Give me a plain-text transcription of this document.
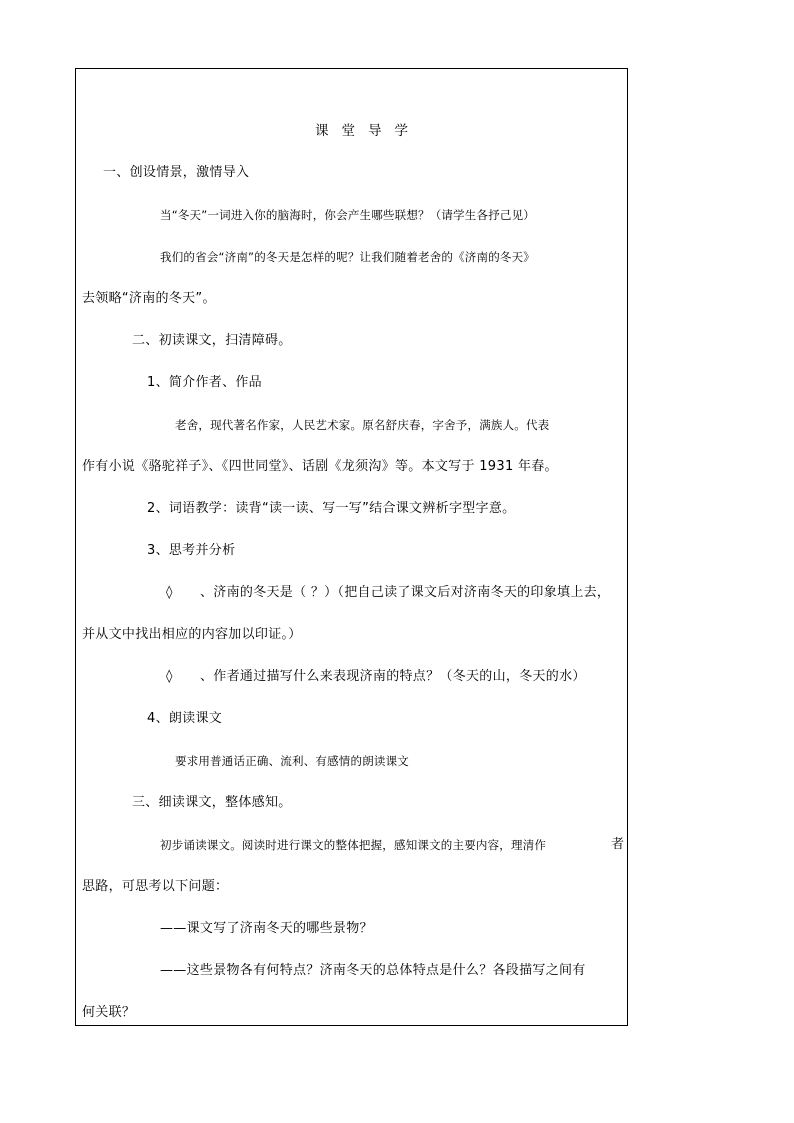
课堂导学
一、创设情景，激情导入
当“冬天”一词进入你的脑海时，你会产生哪些联想？（请学生各抒己见）
我们的省会“济南”的冬天是怎样的呢？让我们随着老舍的《济南的冬天》
去领略“济南的冬天”。
二、初读课文，扫清障碍。
1、简介作者、作品
老舍，现代著名作家，人民艺术家。原名舒庆春，字舍予，满族人。代表
作有小说《骆驼祥子》、《四世同堂》、话剧《龙须沟》等。本文写于 1931 年春。
2、词语教学：读背“读一读、写一写”结合课文辨析字型字意。
3、思考并分析
◊ 、济南的冬天是（ ？）（把自己读了课文后对济南冬天的印象填上去，
并从文中找出相应的内容加以印证。）
◊ 、作者通过描写什么来表现济南的特点？（冬天的山，冬天的水）
4、朗读课文
要求用普通话正确、流利、有感情的朗读课文
三、细读课文，整体感知。
初步诵读课文。阅读时进行课文的整体把握，感知课文的主要内容，理清作	者
思路，可思考以下问题：
——课文写了济南冬天的哪些景物？
——这些景物各有何特点？济南冬天的总体特点是什么？各段描写之间有
何关联？
